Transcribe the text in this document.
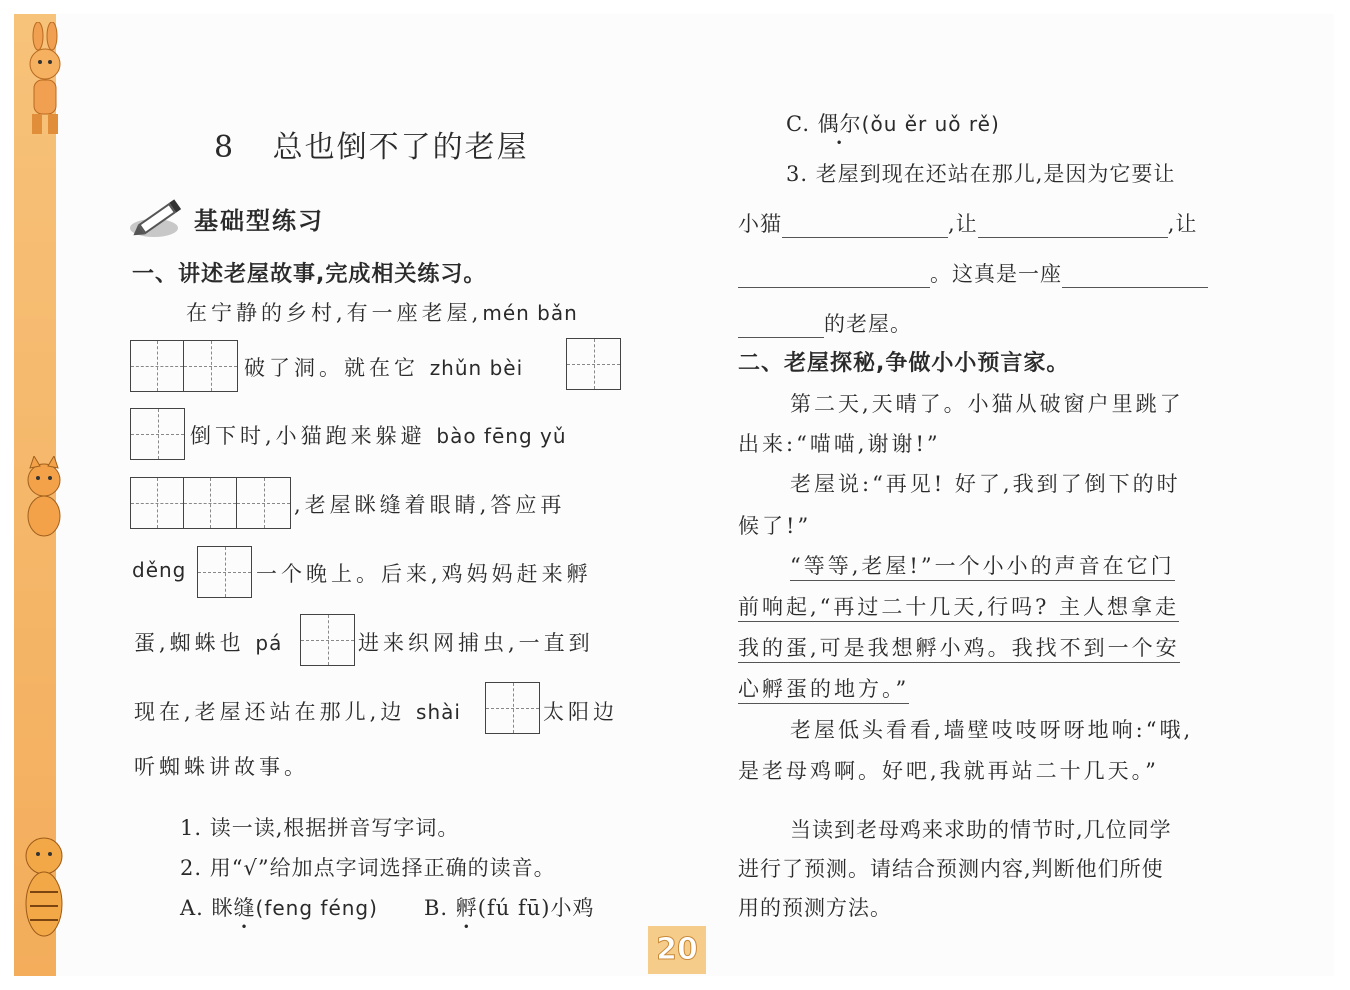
8 总也倒不了的老屋
基础型练习
一、讲述老屋故事,完成相关练习。
在宁静的乡村,有一座老屋,mén bǎn
破了洞。就在它 zhǔn bèi
倒下时,小猫跑来躲避 bào fēng yǔ
,老屋眯缝着眼睛,答应再
děng	一个晚上。后来,鸡妈妈赶来孵
蛋,蜘蛛也 pá	进来织网捕虫,一直到
现在,老屋还站在那儿,边 shài	太阳边
听蜘蛛讲故事。
1. 读一读,根据拼音写字词。
2. 用“√”给加点字词选择正确的读音。
A. 眯缝(feng féng) B. 孵(fú fū)小鸡
C. 偶尔(ǒu ěr uǒ rě)
3. 老屋到现在还站在那儿,是因为它要让
小猫	,让	,让
。这真是一座
的老屋。
二、老屋探秘,争做小小预言家。
第二天,天晴了。小猫从破窗户里跳了
出来:“喵喵,谢谢!”
老屋说:“再见! 好了,我到了倒下的时
候了!”
“等等,老屋!”一个小小的声音在它门
前响起,“再过二十几天,行吗? 主人想拿走
我的蛋,可是我想孵小鸡。我找不到一个安
心孵蛋的地方。”
老屋低头看看,墙壁吱吱呀呀地响:“哦,
是老母鸡啊。好吧,我就再站二十几天。”
当读到老母鸡来求助的情节时,几位同学
进行了预测。请结合预测内容,判断他们所使
用的预测方法。
20
